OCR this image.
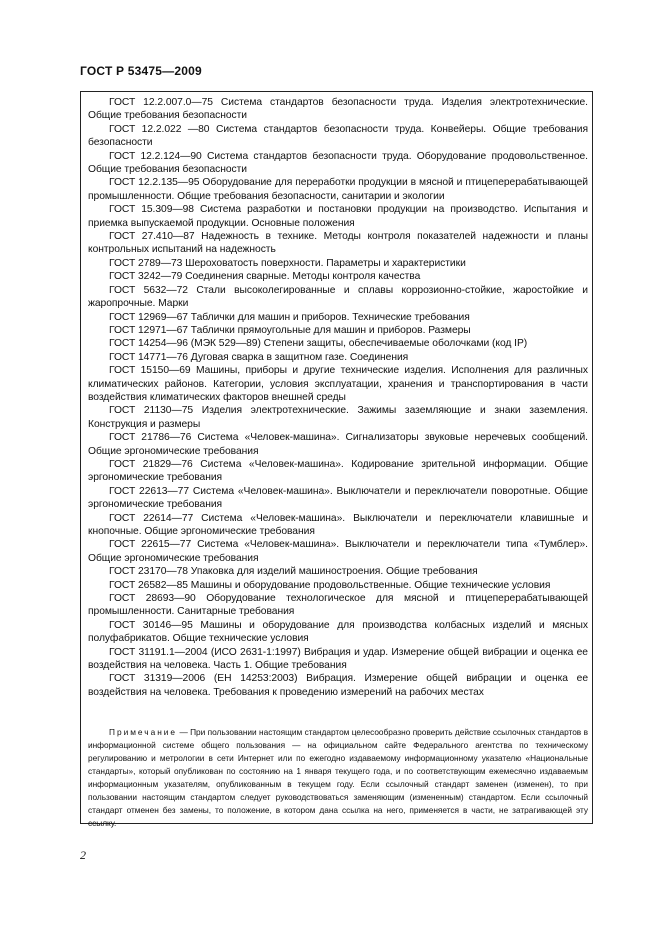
ГОСТ Р 53475—2009

ГОСТ 12.2.007.0—75 Система стандартов безопасности труда. Изделия электротехнические. Общие требования безопасности

ГОСТ 12.2.022 —80 Система стандартов безопасности труда. Конвейеры. Общие требования безопасности

ГОСТ 12.2.124—90 Система стандартов безопасности труда. Оборудование продовольственное. Общие требования безопасности

ГОСТ 12.2.135—95 Оборудование для переработки продукции в мясной и птицеперерабатывающей промышленности. Общие требования безопасности, санитарии и экологии

ГОСТ 15.309—98 Система разработки и постановки продукции на производство. Испытания и приемка выпускаемой продукции. Основные положения

ГОСТ 27.410—87 Надежность в технике. Методы контроля показателей надежности и планы контрольных испытаний на надежность

ГОСТ 2789—73 Шероховатость поверхности. Параметры и характеристики

ГОСТ 3242—79 Соединения сварные. Методы контроля качества

ГОСТ 5632—72 Стали высоколегированные и сплавы коррозионно-стойкие, жаростойкие и жаропрочные. Марки

ГОСТ 12969—67 Таблички для машин и приборов. Технические требования

ГОСТ 12971—67 Таблички прямоугольные для машин и приборов. Размеры

ГОСТ 14254—96 (МЭК 529—89) Степени защиты, обеспечиваемые оболочками (код IP)

ГОСТ 14771—76 Дуговая сварка в защитном газе. Соединения

ГОСТ 15150—69 Машины, приборы и другие технические изделия. Исполнения для различных климатических районов. Категории, условия эксплуатации, хранения и транспортирования в части воздействия климатических факторов внешней среды

ГОСТ 21130—75 Изделия электротехнические. Зажимы заземляющие и знаки заземления. Конструкция и размеры

ГОСТ 21786—76 Система «Человек-машина». Сигнализаторы звуковые неречевых сообщений. Общие эргономические требования

ГОСТ 21829—76 Система «Человек-машина». Кодирование зрительной информации. Общие эргономические требования

ГОСТ 22613—77 Система «Человек-машина». Выключатели и переключатели поворотные. Общие эргономические требования

ГОСТ 22614—77 Система «Человек-машина». Выключатели и переключатели клавишные и кнопочные. Общие эргономические требования

ГОСТ 22615—77 Система «Человек-машина». Выключатели и переключатели типа «Тумблер». Общие эргономические требования

ГОСТ 23170—78 Упаковка для изделий машиностроения. Общие требования

ГОСТ 26582—85 Машины и оборудование продовольственные. Общие технические условия

ГОСТ 28693—90 Оборудование технологическое для мясной и птицеперерабатывающей промышленности. Санитарные требования

ГОСТ 30146—95 Машины и оборудование для производства колбасных изделий и мясных полуфабрикатов. Общие технические условия

ГОСТ 31191.1—2004 (ИСО 2631-1:1997) Вибрация и удар. Измерение общей вибрации и оценка ее воздействия на человека. Часть 1. Общие требования

ГОСТ 31319—2006 (ЕН 14253:2003) Вибрация. Измерение общей вибрации и оценка ее воздействия на человека. Требования к проведению измерений на рабочих местах

Примечание — При пользовании настоящим стандартом целесообразно проверить действие ссылочных стандартов в информационной системе общего пользования — на официальном сайте Федерального агентства по техническому регулированию и метрологии в сети Интернет или по ежегодно издаваемому информационному указателю «Национальные стандарты», который опубликован по состоянию на 1 января текущего года, и по соответствующим ежемесячно издаваемым информационным указателям, опубликованным в текущем году. Если ссылочный стандарт заменен (изменен), то при пользовании настоящим стандартом следует руководствоваться заменяющим (измененным) стандартом. Если ссылочный стандарт отменен без замены, то положение, в котором дана ссылка на него, применяется в части, не затрагивающей эту ссылку.

2
